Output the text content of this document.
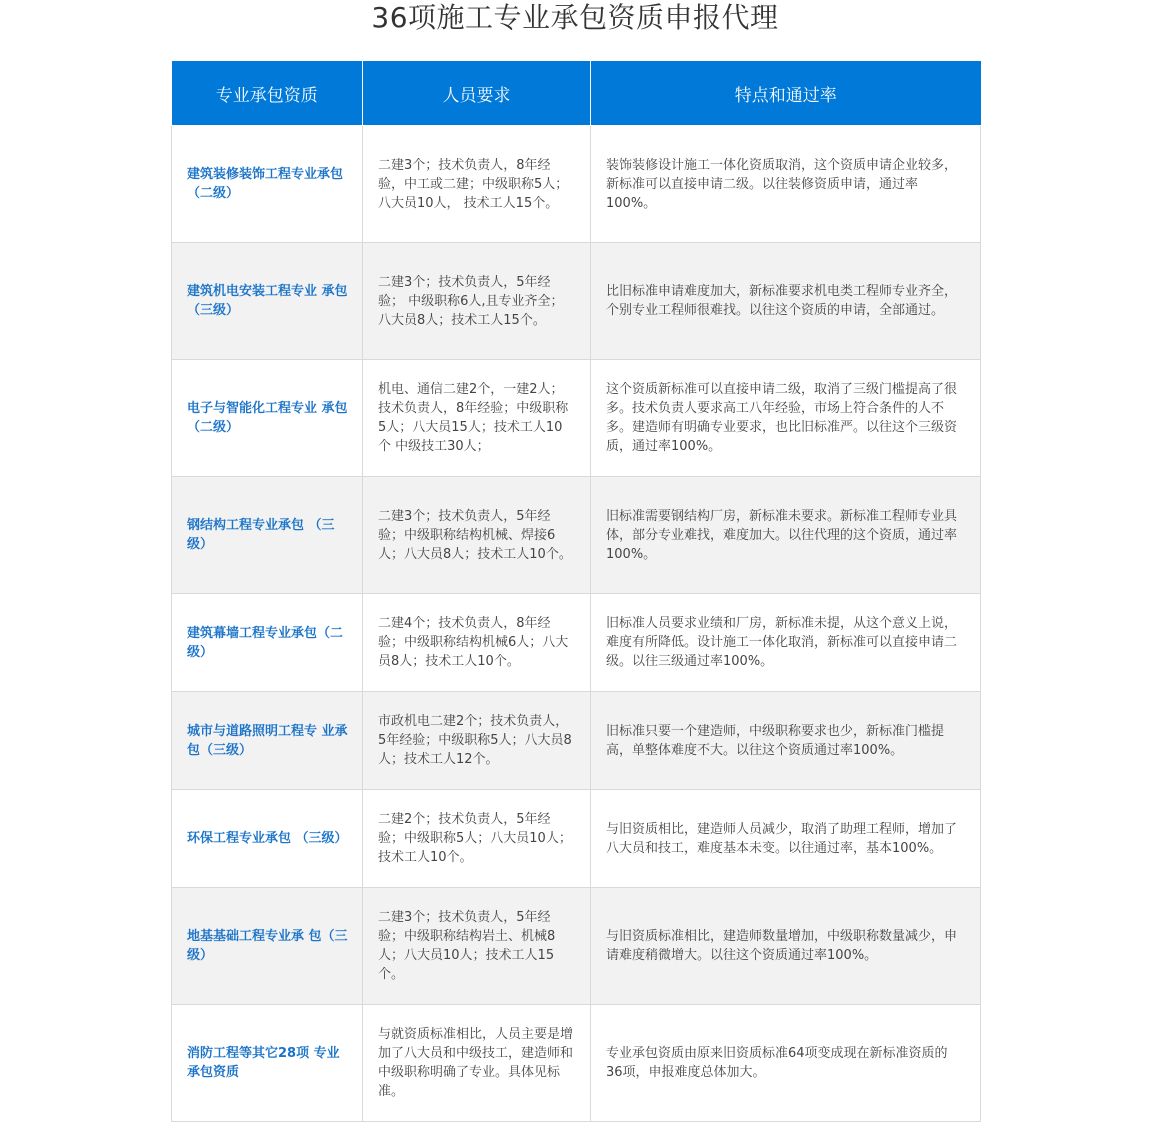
36项施工专业承包资质申报代理
专业承包资质	人员要求	特点和通过率
建筑装修装饰工程专业承包（二级）	二建3个；技术负责人，8年经验，中工或二建；中级职称5人；八大员10人， 技术工人15个。	装饰装修设计施工一体化资质取消，这个资质申请企业较多，新标准可以直接申请二级。以往装修资质申请，通过率100%。
建筑机电安装工程专业 承包（三级）	二建3个；技术负责人，5年经验； 中级职称6人,且专业齐全；八大员8人；技术工人15个。	比旧标准申请难度加大，新标准要求机电类工程师专业齐全，个别专业工程师很难找。以往这个资质的申请，全部通过。
电子与智能化工程专业 承包（二级）	机电、通信二建2个，一建2人；技术负责人，8年经验；中级职称5人；八大员15人；技术工人10个 中级技工30人；	这个资质新标准可以直接申请二级，取消了三级门槛提高了很多。技术负责人要求高工八年经验，市场上符合条件的人不多。建造师有明确专业要求，也比旧标准严。以往这个三级资质，通过率100%。
钢结构工程专业承包 （三级）	二建3个；技术负责人，5年经验；中级职称结构机械、焊接6人；八大员8人；技术工人10个。	旧标准需要钢结构厂房，新标准未要求。新标准工程师专业具体，部分专业难找，难度加大。以往代理的这个资质，通过率100%。
建筑幕墙工程专业承包（二级）	二建4个；技术负责人，8年经验；中级职称结构机械6人；八大员8人；技术工人10个。	旧标准人员要求业绩和厂房，新标准未提，从这个意义上说，难度有所降低。设计施工一体化取消，新标准可以直接申请二级。以往三级通过率100%。
城市与道路照明工程专 业承包（三级）	市政机电二建2个；技术负责人，5年经验；中级职称5人；八大员8人；技术工人12个。	旧标准只要一个建造师，中级职称要求也少，新标准门槛提高，单整体难度不大。以往这个资质通过率100%。
环保工程专业承包 （三级）	二建2个；技术负责人，5年经验；中级职称5人；八大员10人；技术工人10个。	与旧资质相比，建造师人员减少，取消了助理工程师，增加了八大员和技工，难度基本未变。以往通过率，基本100%。
地基基础工程专业承 包（三级）	二建3个；技术负责人，5年经验；中级职称结构岩土、机械8人；八大员10人；技术工人15个。	与旧资质标准相比，建造师数量增加，中级职称数量减少，申请难度稍微增大。以往这个资质通过率100%。
消防工程等其它28项 专业承包资质	与就资质标准相比，人员主要是增加了八大员和中级技工，建造师和中级职称明确了专业。具体见标准。	专业承包资质由原来旧资质标准64项变成现在新标准资质的36项，申报难度总体加大。
